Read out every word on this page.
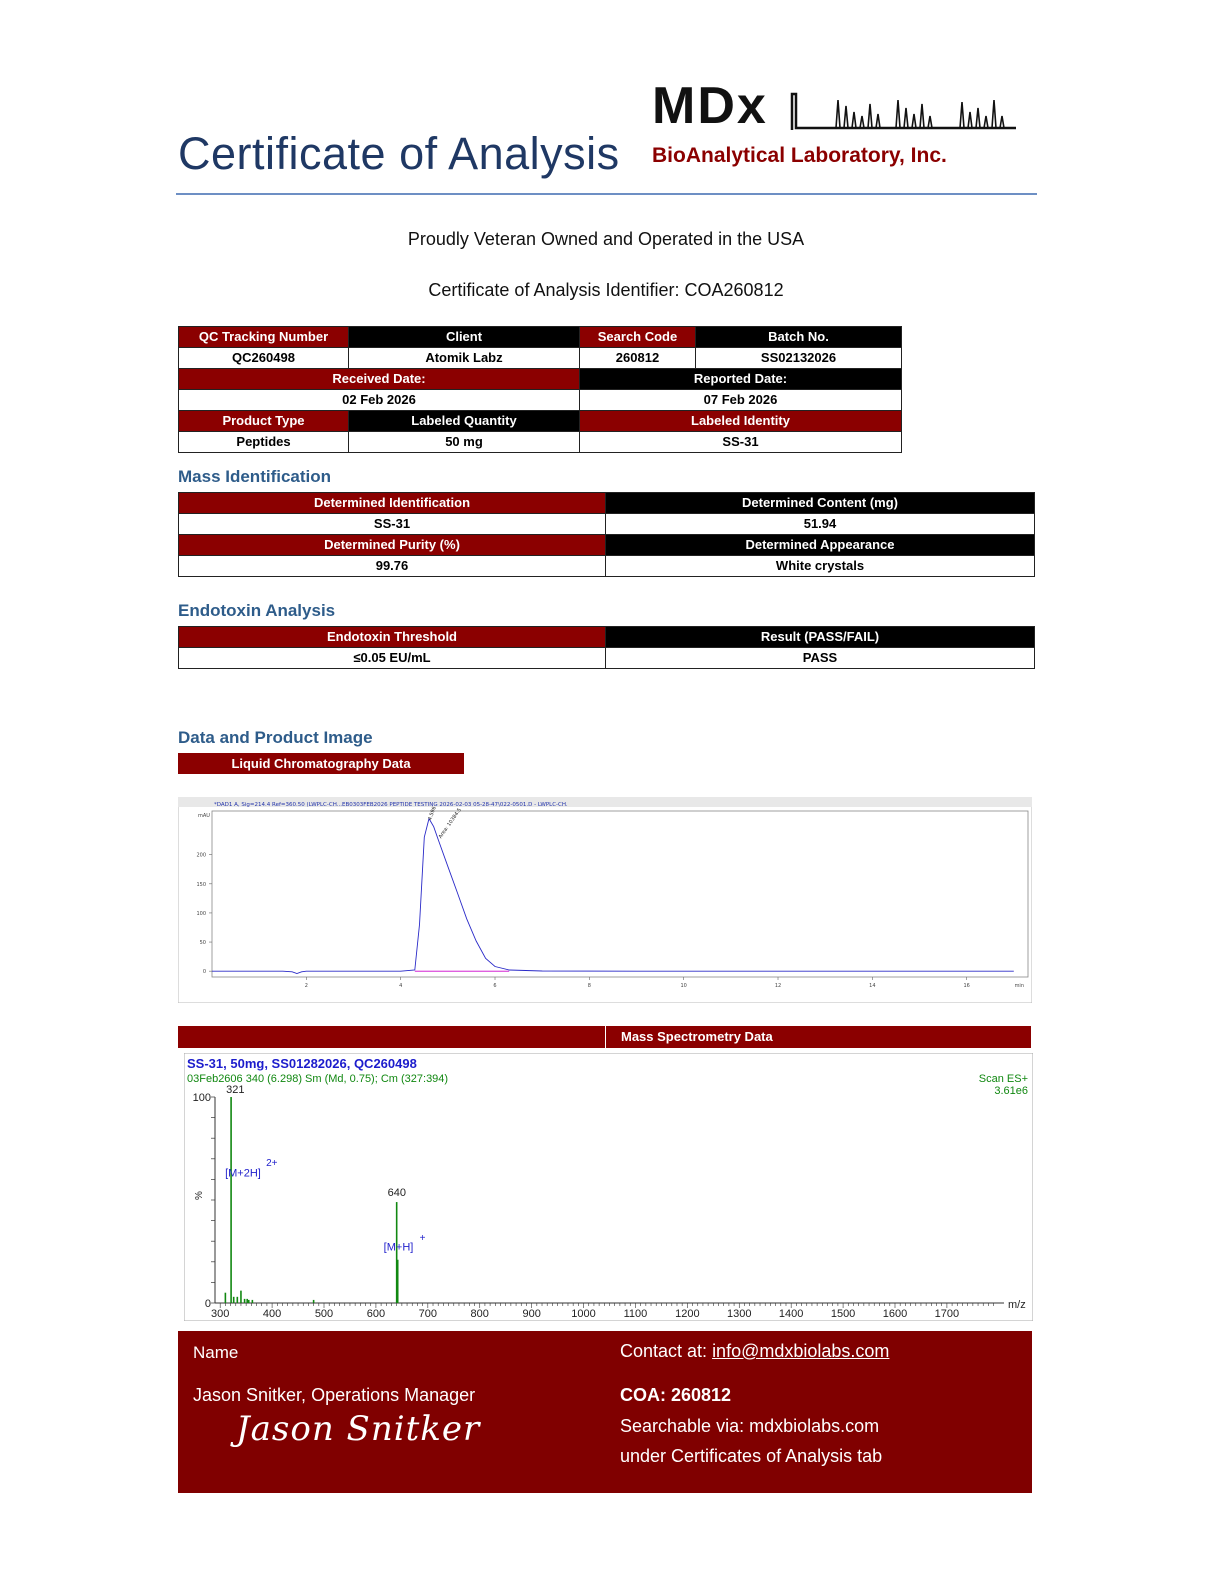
Certificate of Analysis
MDx
BioAnalytical Laboratory, Inc.
Proudly Veteran Owned and Operated in the USA
Certificate of Analysis Identifier: COA260812
QC Tracking Number	Client	Search Code	Batch No.
QC260498	Atomik Labz	260812	SS02132026
Received Date:		Reported Date:	
02 Feb 2026		07 Feb 2026	
Product Type	Labeled Quantity	Labeled Identity	
Peptides	50 mg	SS-31	
Mass Identification
Determined Identification	Determined Content (mg)
SS-31	51.94
Determined Purity (%)	Determined Appearance
99.76	White crystals
Endotoxin Analysis
Endotoxin Threshold	Result (PASS/FAIL)
≤0.05 EU/mL	PASS
Data and Product Image
Liquid Chromatography Data
*DAD1 A, Sig=214.4 Ref=360.50 (LWPLC-CH...EB0303FEB2026 PEPTIDE TESTING 2026-02-03 05-28-47\022-0501.D - LWPLC-CH.
mAU
0
50
100
150
200
2	4	6	8	10	12	14	16	min
4.596 Area: 10384.5
Mass Spectrometry Data
SS-31, 50mg, SS01282026, QC260498
03Feb2606 340 (6.298) Sm (Md, 0.75); Cm (327:394)	Scan ES+
3.61e6
0
100
%
300	400	500	600	700	800	900	1000	1100	1200 1300 1400 1500 1600 1700
m/z
321
[M+2H]
2+
640
[M+H]
+
Name
Jason Snitker, Operations Manager
Jason Snitker
Contact at: info@mdxbiolabs.com
COA: 260812
Searchable via: mdxbiolabs.com
under Certificates of Analysis tab
